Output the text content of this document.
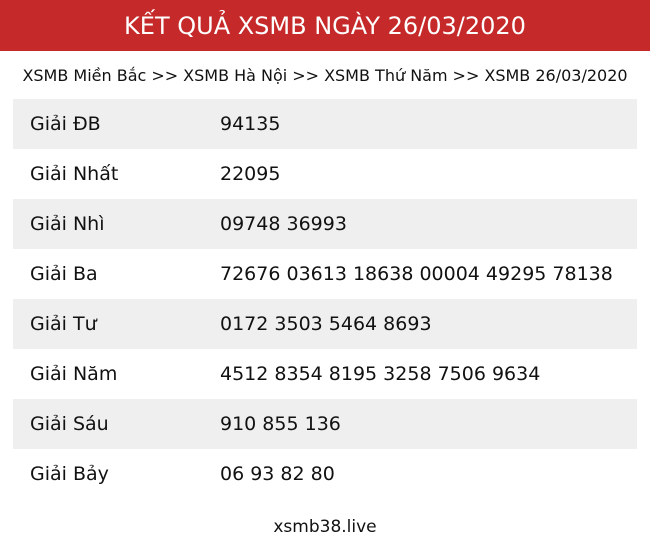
KẾT QUẢ XSMB NGÀY 26/03/2020
XSMB Miền Bắc >> XSMB Hà Nội >> XSMB Thứ Năm >> XSMB 26/03/2020
Giải ĐB	94135
Giải Nhất	22095
Giải Nhì	09748 36993
Giải Ba	72676 03613 18638 00004 49295 78138
Giải Tư	0172 3503 5464 8693
Giải Năm	4512 8354 8195 3258 7506 9634
Giải Sáu	910 855 136
Giải Bảy	06 93 82 80
xsmb38.live
